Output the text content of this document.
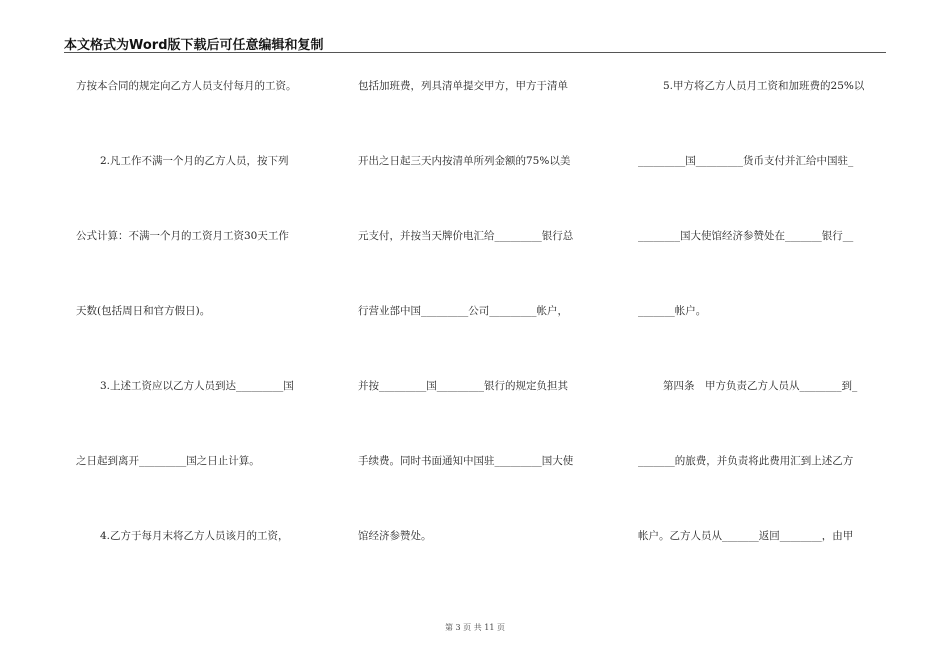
本文格式为Word版下载后可任意编辑和复制
方按本合同的规定向乙方人员支付每月的工资。
2.凡工作不满一个月的乙方人员，按下列
公式计算：不满一个月的工资月工资30天工作
天数(包括周日和官方假日)。
3.上述工资应以乙方人员到达_________国
之日起到离开_________国之日止计算。
4.乙方于每月末将乙方人员该月的工资，
包括加班费，列具清单提交甲方，甲方于清单
开出之日起三天内按清单所列金额的75%以美
元支付，并按当天牌价电汇给_________银行总
行营业部中国_________公司_________帐户，
并按_________国_________银行的规定负担其
手续费。同时书面通知中国驻_________国大使
馆经济参赞处。
5.甲方将乙方人员月工资和加班费的25%以
_________国_________货币支付并汇给中国驻_
________国大使馆经济参赞处在_______银行__
_______帐户。
第四条　甲方负责乙方人员从________到_
_______的旅费，并负责将此费用汇到上述乙方
帐户。乙方人员从_______返回________，由甲
第 3 页 共 11 页
